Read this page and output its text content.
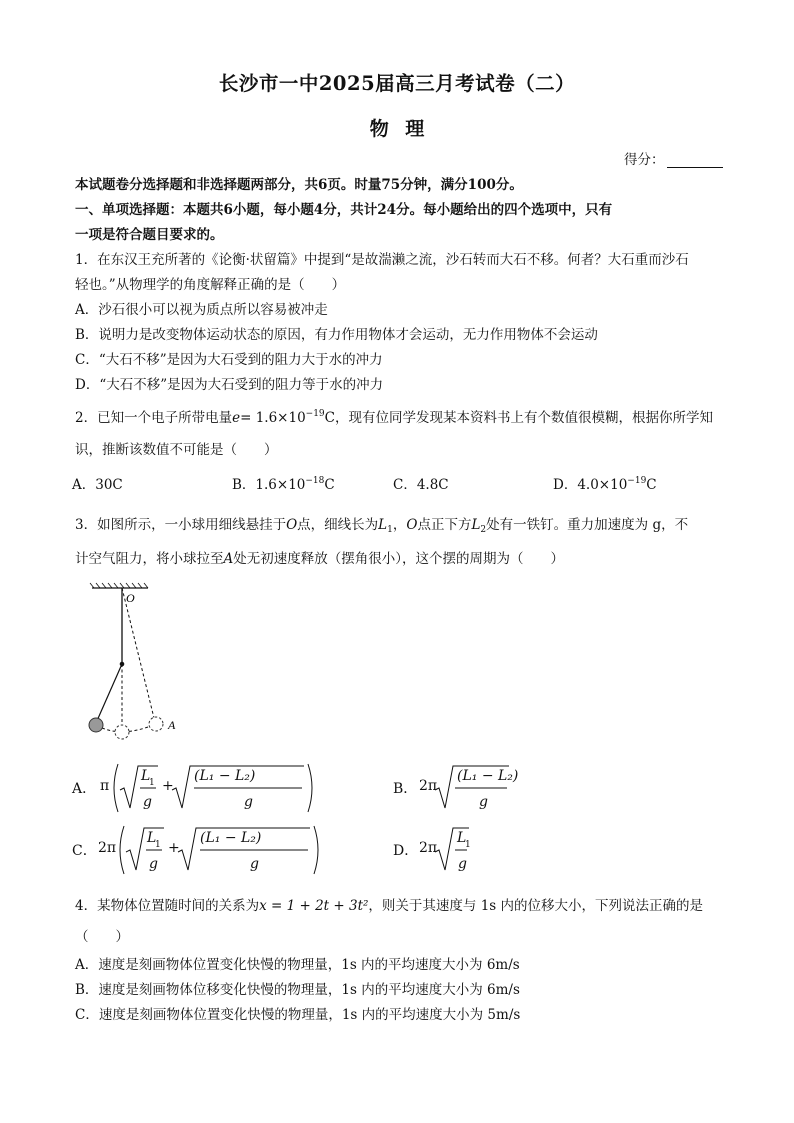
长沙市一中2025届高三月考试卷（二）
物 理
得分：
本试题卷分选择题和非选择题两部分，共6页。时量75分钟，满分100分。
一、单项选择题：本题共6小题，每小题4分，共计24分。每小题给出的四个选项中，只有
一项是符合题目要求的。
1．在东汉王充所著的《论衡·状留篇》中提到“是故湍濑之流，沙石转而大石不移。何者？大石重而沙石
轻也。”从物理学的角度解释正确的是（　　）
A．沙石很小可以视为质点所以容易被冲走
B．说明力是改变物体运动状态的原因，有力作用物体才会运动，无力作用物体不会运动
C．“大石不移”是因为大石受到的阻力大于水的冲力
D．“大石不移”是因为大石受到的阻力等于水的冲力
2．已知一个电子所带电量$e= 1.6\times 10^{-19}C$，现有位同学发现某本资料书上有个数值很模糊，根据你所学知
识，推断该数值不可能是（　　）
A．30C	B．$1.6\times 10^{-18}C$	C．4.8C	D．$4.0\times 10^{-19}C$
3．如图所示，一小球用细线悬挂于O点，细线长为$L_1$，O点正下方$L_2$处有一铁钉。重力加速度为 g，不
计空气阻力，将小球拉至A处无初速度释放（摆角很小），这个摆的周期为（　　）
O
A
A． π
L
1
g
+
(L₁ − L₂)
g
B． 2π
(L₁ − L₂)
g
C． 2π
L
1
g
+
(L₁ − L₂)
g
D． 2π
L
1
g
4．某物体位置随时间的关系为x = 1 + 2t + 3t²，则关于其速度与 1s 内的位移大小，下列说法正确的是
（　　）
A．速度是刻画物体位置变化快慢的物理量，1s 内的平均速度大小为 6m/s
B．速度是刻画物体位移变化快慢的物理量，1s 内的平均速度大小为 6m/s
C．速度是刻画物体位置变化快慢的物理量，1s 内的平均速度大小为 5m/s
